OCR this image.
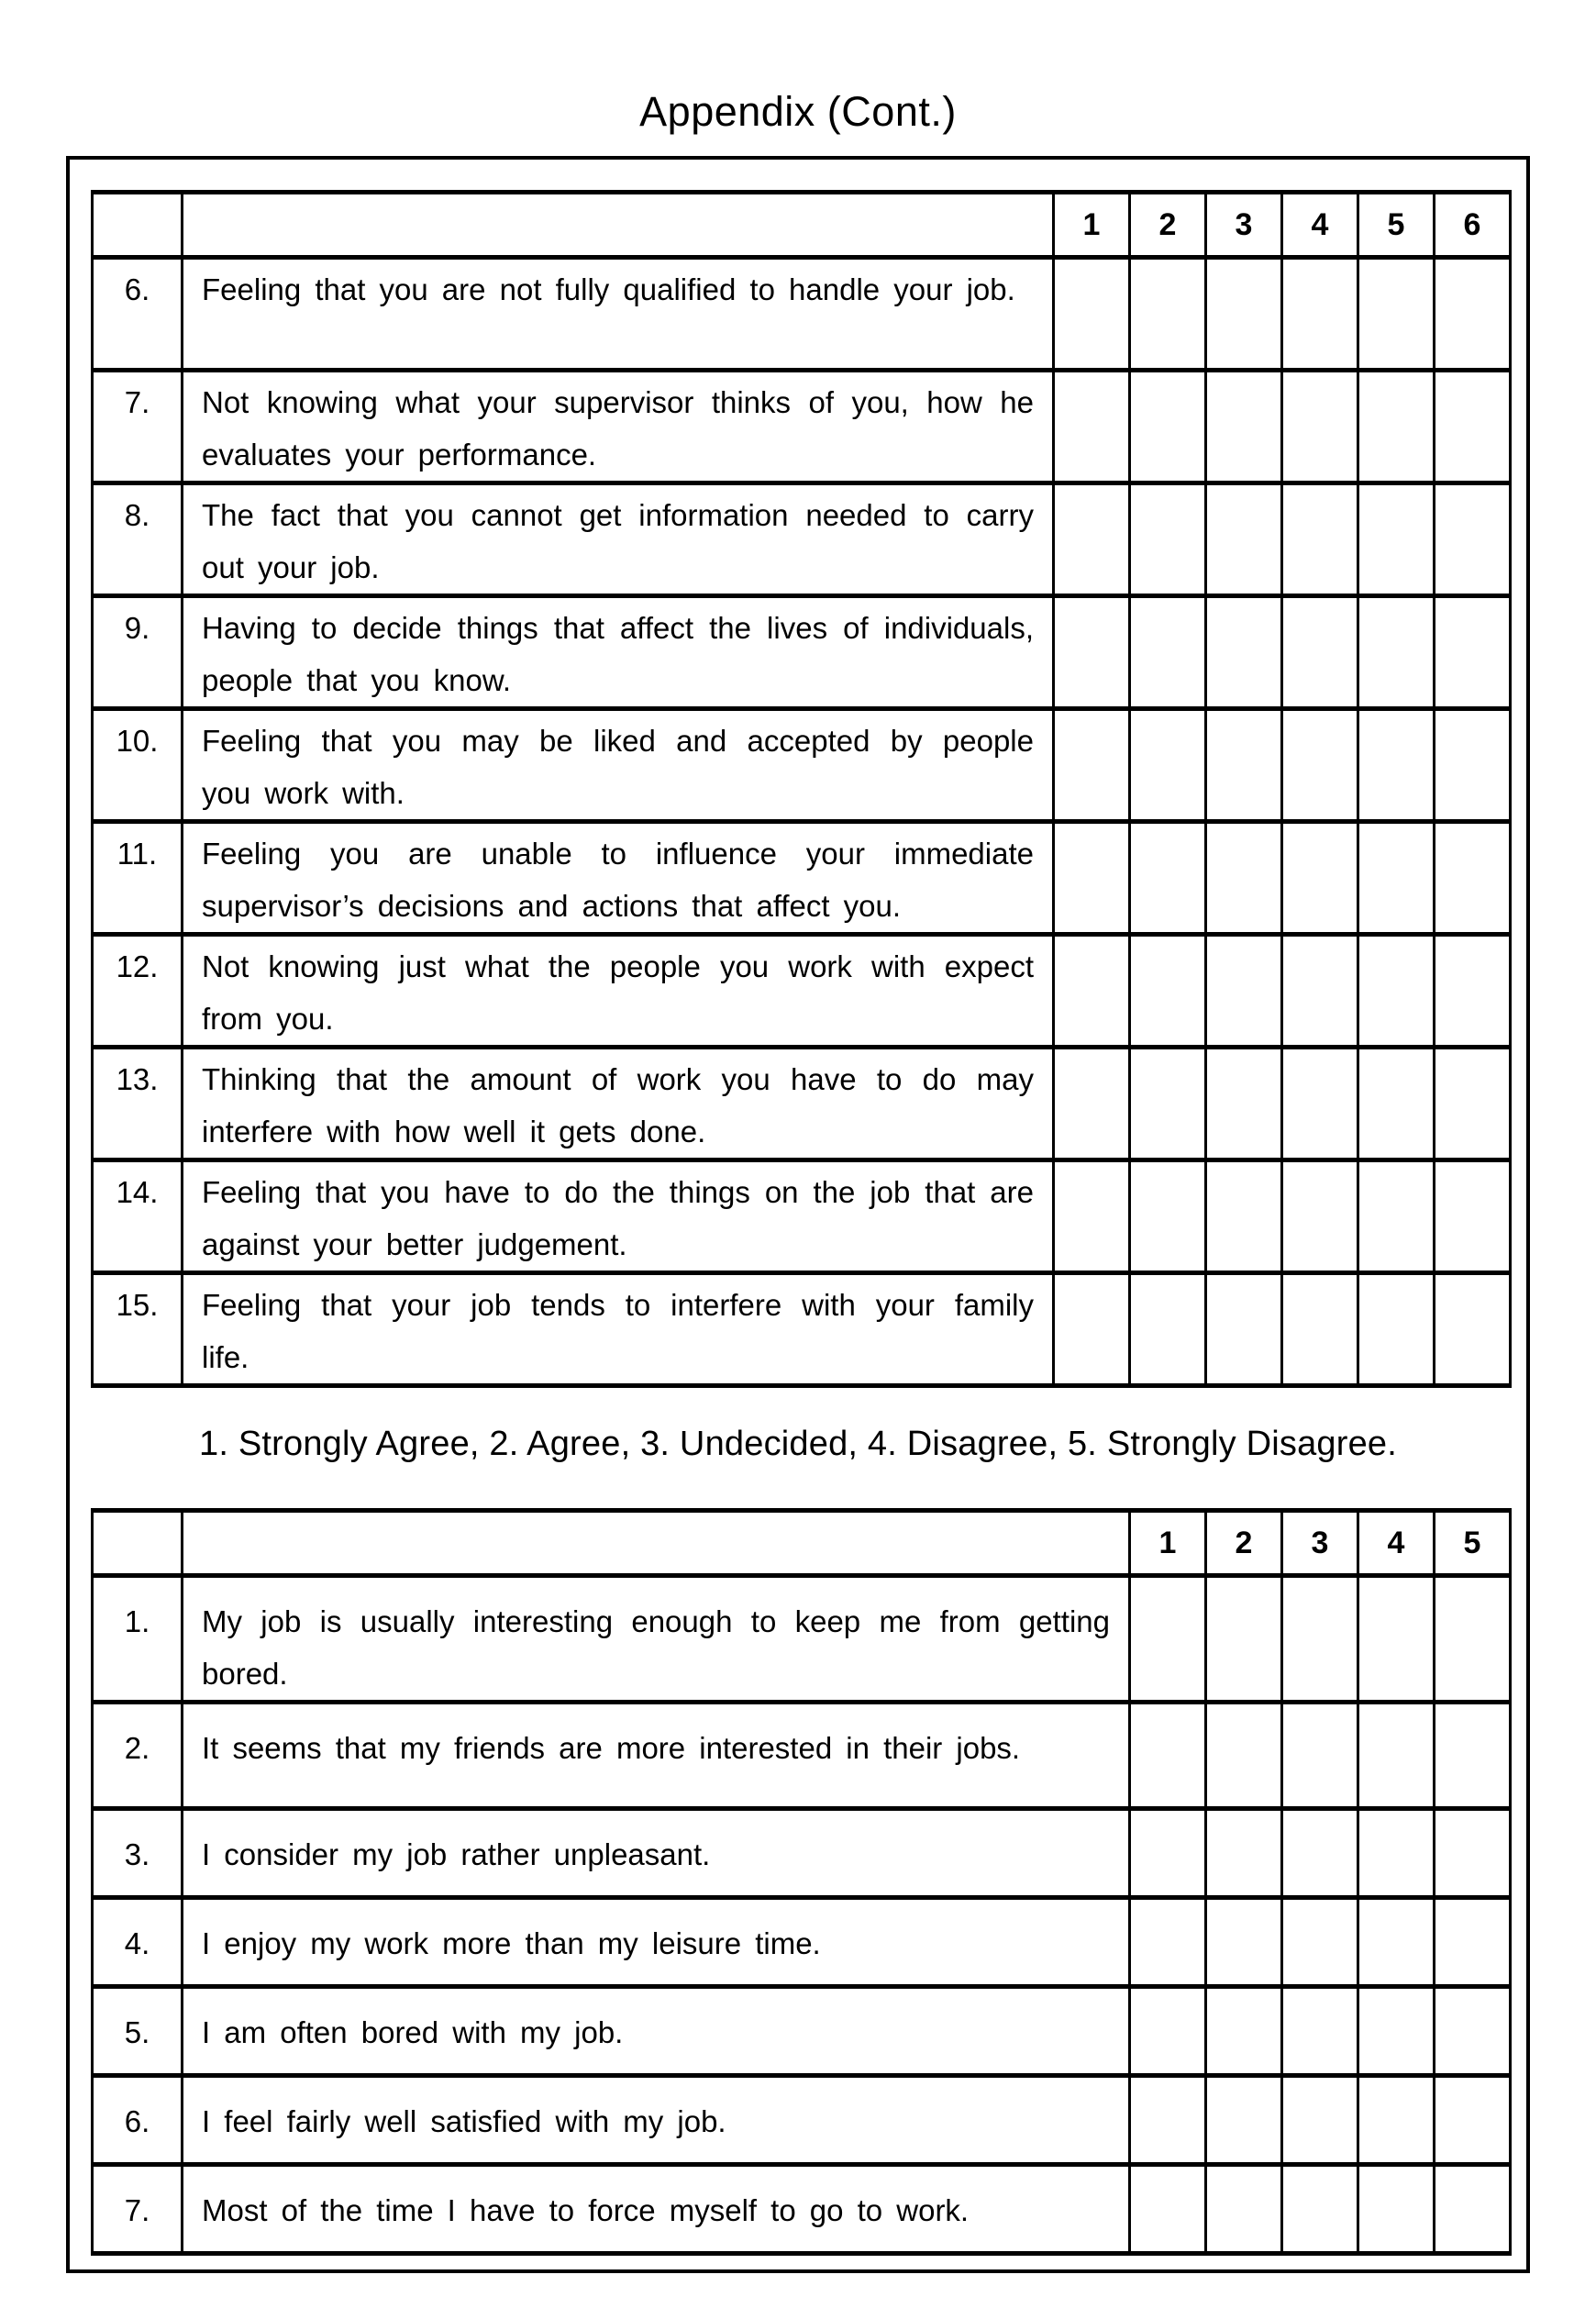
Appendix (Cont.)
		1	2	3	4	5	6
6.	Feeling that you are not fully qualified to handle your job.						
7.	Not knowing what your supervisor thinks of you, how he evaluates your performance.						
8.	The fact that you cannot get information needed to carry out your job.						
9.	Having to decide things that affect the lives of individuals, people that you know.						
10.	Feeling that you may be liked and accepted by people you work with.						
11.	Feeling you are unable to influence your immediate supervisor’s decisions and actions that affect you.						
12.	Not knowing just what the people you work with expect from you.						
13.	Thinking that the amount of work you have to do may interfere with how well it gets done.						
14.	Feeling that you have to do the things on the job that are against your better judgement.						
15.	Feeling that your job tends to interfere with your family life.						
1. Strongly Agree, 2. Agree, 3. Undecided, 4. Disagree, 5. Strongly Disagree.
		1	2	3	4	5
1.	My job is usually interesting enough to keep me from getting bored.					
2.	It seems that my friends are more interested in their jobs.					
3.	I consider my job rather unpleasant.					
4.	I enjoy my work more than my leisure time.					
5.	I am often bored with my job.					
6.	I feel fairly well satisfied with my job.					
7.	Most of the time I have to force myself to go to work.					
